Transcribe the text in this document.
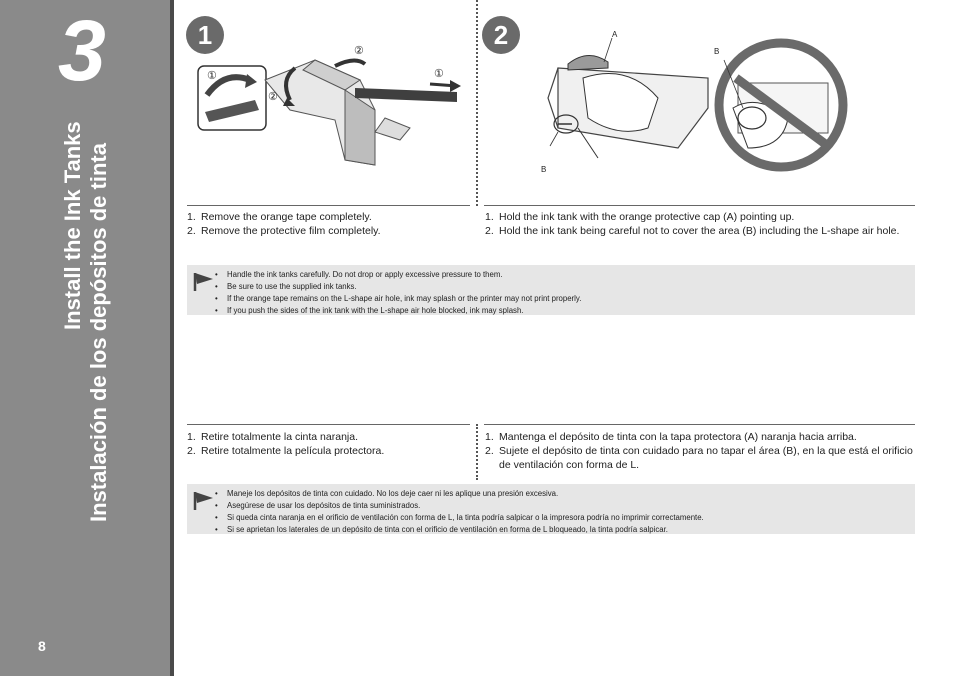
3
Install the Ink Tanks Instalación de los depósitos de tinta
8
1	2
①	①
②
②
A
B
B
1. Remove the orange tape completely.
2. Remove the protective film completely.
1. Hold the ink tank with the orange protective cap (A) pointing up.
2. Hold the ink tank being careful not to cover the area (B) including the L-shape air hole.
• Handle the ink tanks carefully. Do not drop or apply excessive pressure to them.
• Be sure to use the supplied ink tanks.
• If the orange tape remains on the L-shape air hole, ink may splash or the printer may not print properly.
• If you push the sides of the ink tank with the L-shape air hole blocked, ink may splash.
1. Retire totalmente la cinta naranja.
2. Retire totalmente la película protectora.
1. Mantenga el depósito de tinta con la tapa protectora (A) naranja hacia arriba.
2. Sujete el depósito de tinta con cuidado para no tapar el área (B), en la que está el orificio de ventilación con forma de L.
• Maneje los depósitos de tinta con cuidado. No los deje caer ni les aplique una presión excesiva.
• Asegúrese de usar los depósitos de tinta suministrados.
• Si queda cinta naranja en el orificio de ventilación con forma de L, la tinta podría salpicar o la impresora podría no imprimir correctamente.
• Si se aprietan los laterales de un depósito de tinta con el orificio de ventilación en forma de L bloqueado, la tinta podría salpicar.
